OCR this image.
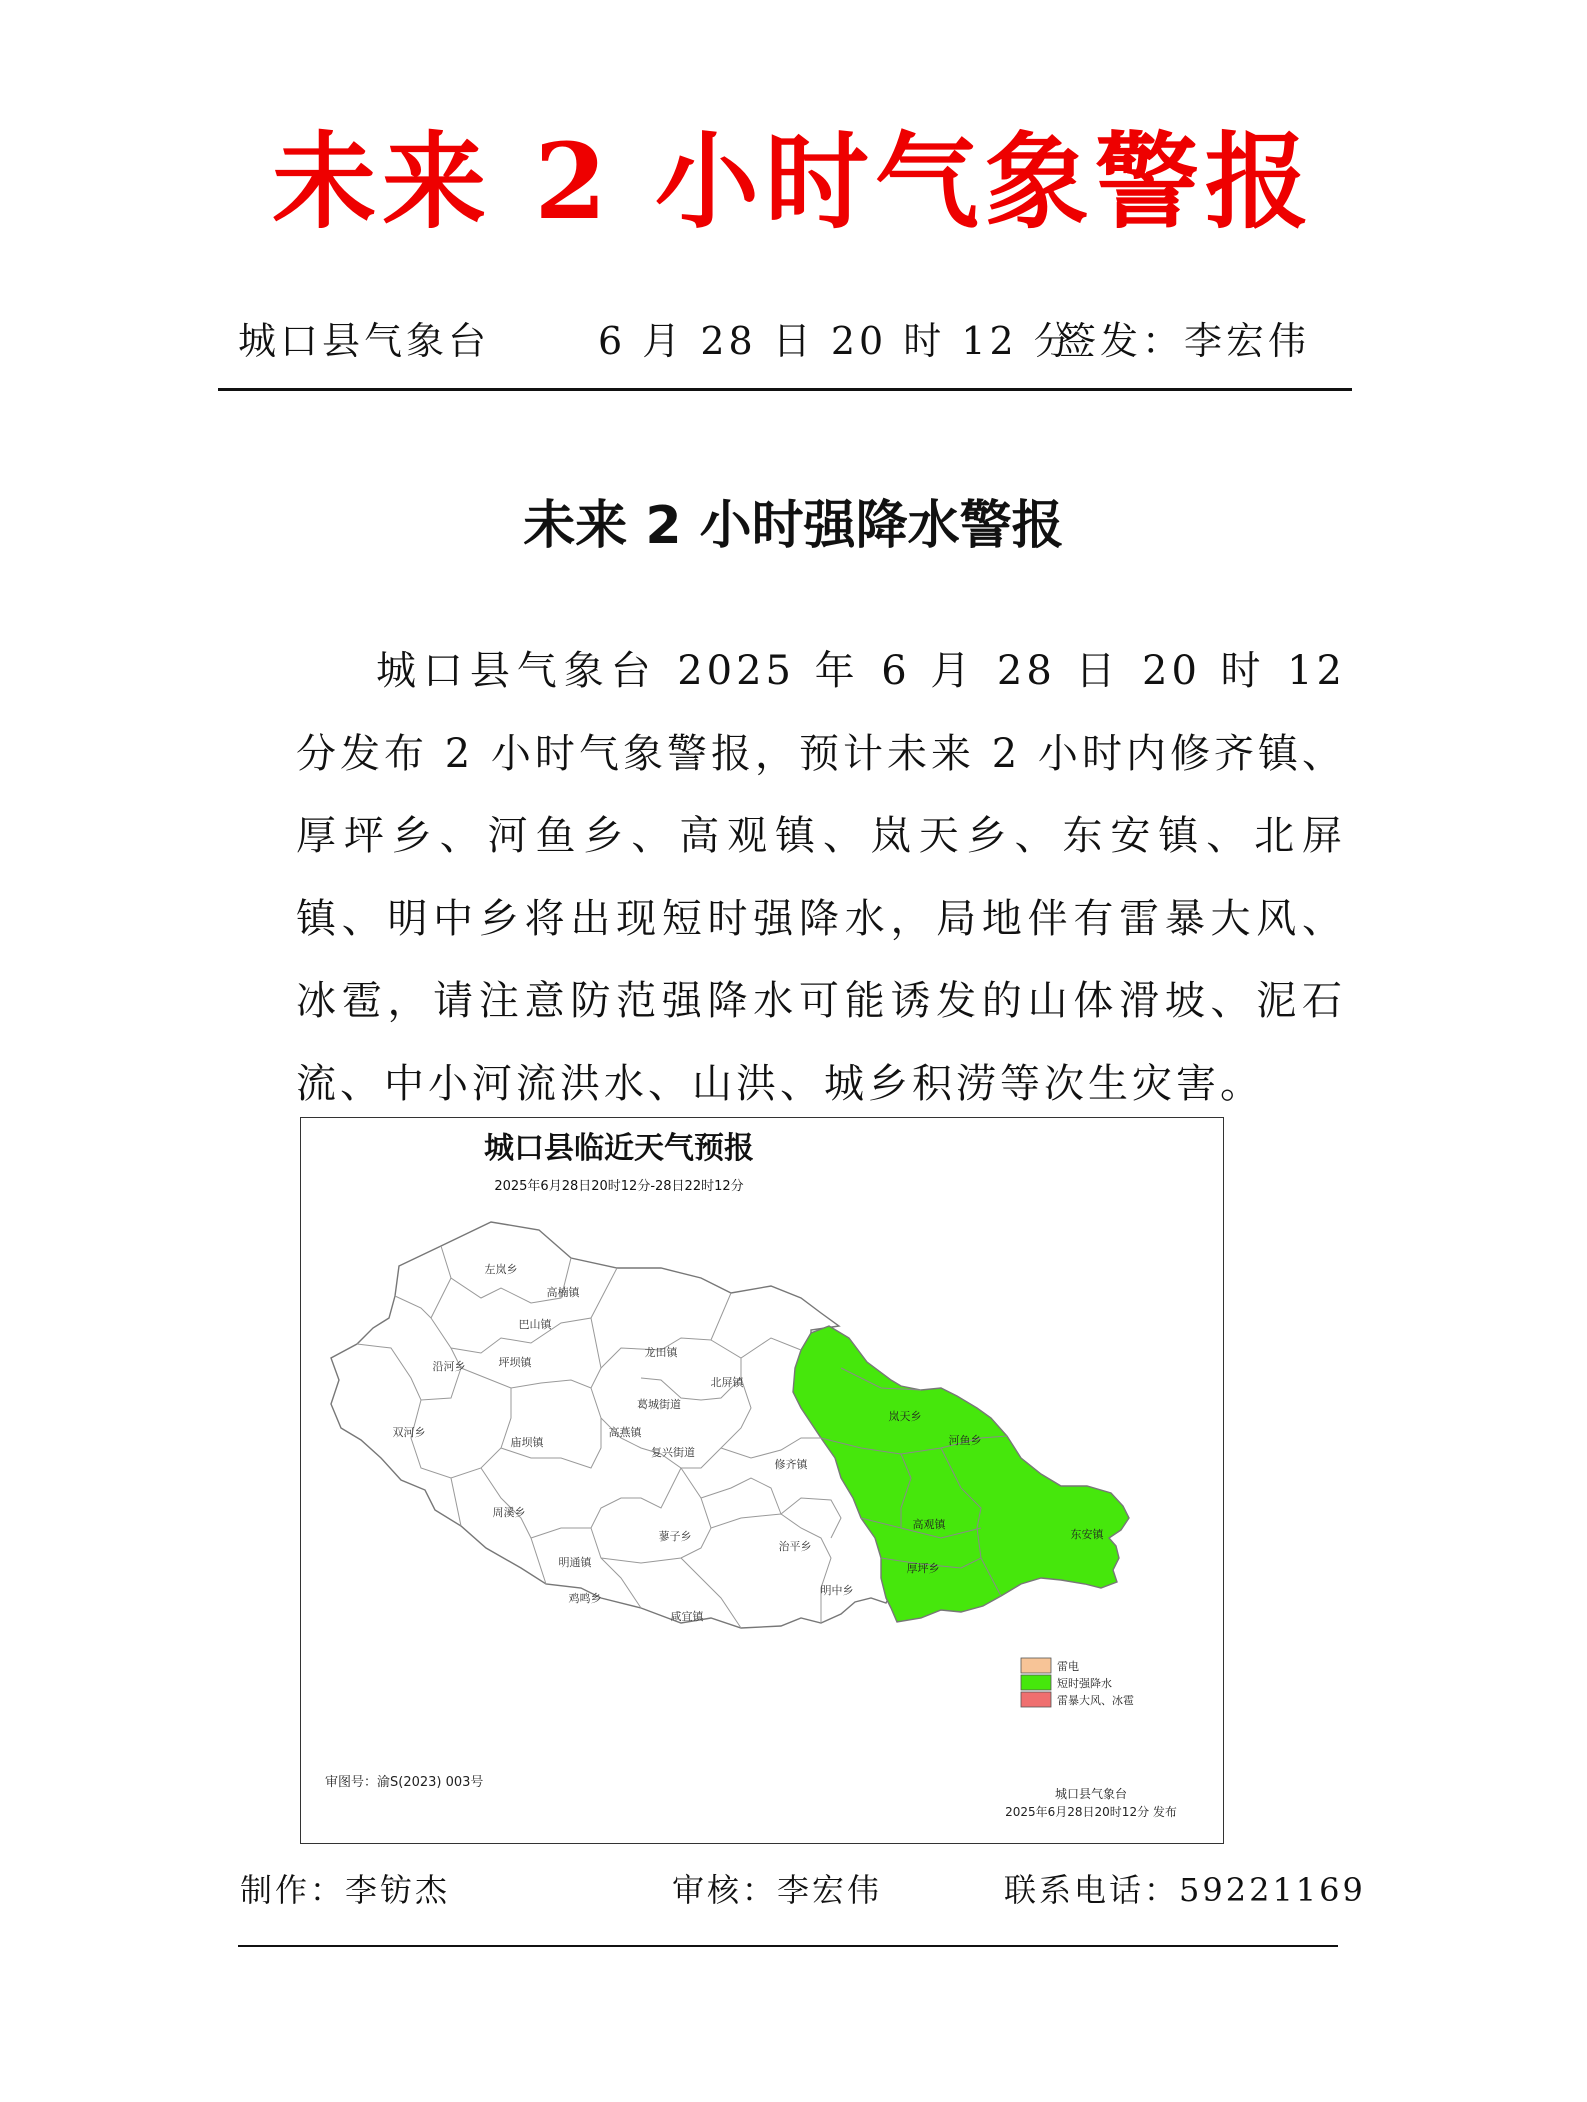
未来 2 小时气象警报
城口县气象台	6 月 28 日 20 时 12 分
签发：李宏伟
未来 2 小时强降水警报
城口县气象台 2025 年 6 月 28 日 20 时 12 分发布 2 小时气象警报，预计未来 2 小时内修齐镇、厚坪乡、河鱼乡、高观镇、岚天乡、东安镇、北屏镇、明中乡将出现短时强降水，局地伴有雷暴大风、冰雹，请注意防范强降水可能诱发的山体滑坡、泥石流、中小河流洪水、山洪、城乡积涝等次生灾害。
城口县临近天气预报
2025年6月28日20时12分-28日22时12分
左岚乡
高楠镇
巴山镇
沿河乡	坪坝镇
龙田镇
北屏镇
葛城街道
双河乡
庙坝镇
高燕镇
复兴街道
修齐镇
周溪乡
蓼子乡
治平乡
明通镇
鸡鸣乡
咸宜镇
明中乡
岚天乡
河鱼乡
高观镇
东安镇
厚坪乡
雷电
短时强降水
雷暴大风、冰雹
审图号：渝S(2023) 003号
城口县气象台
2025年6月28日20时12分 发布
制作：李钫杰	审核：李宏伟	联系电话：59221169
